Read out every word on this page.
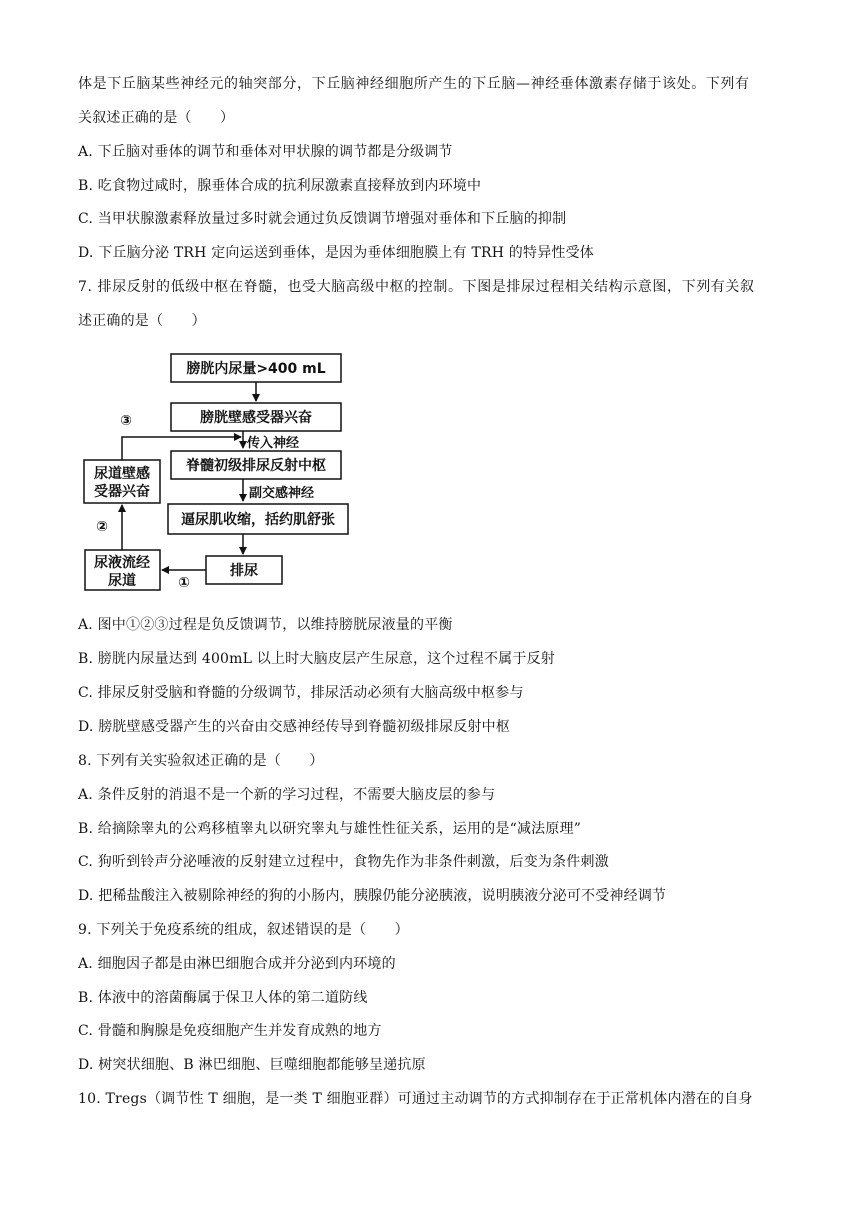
体是下丘脑某些神经元的轴突部分，下丘脑神经细胞所产生的下丘脑—神经垂体激素存储于该处。下列有
关叙述正确的是（　　）
A. 下丘脑对垂体的调节和垂体对甲状腺的调节都是分级调节
B. 吃食物过咸时，腺垂体合成的抗利尿激素直接释放到内环境中
C. 当甲状腺激素释放量过多时就会通过负反馈调节增强对垂体和下丘脑的抑制
D. 下丘脑分泌 TRH 定向运送到垂体，是因为垂体细胞膜上有 TRH 的特异性受体
7. 排尿反射的低级中枢在脊髓，也受大脑高级中枢的控制。下图是排尿过程相关结构示意图，下列有关叙
述正确的是（　　）
膀胱内尿量>400 mL
膀胱壁感受器兴奋
传入神经
脊髓初级排尿反射中枢
副交感神经
逼尿肌收缩，括约肌舒张
排尿
①
尿液流经
尿道
②
尿道壁感
受器兴奋
③
A. 图中①②③过程是负反馈调节，以维持膀胱尿液量的平衡
B. 膀胱内尿量达到 400mL 以上时大脑皮层产生尿意，这个过程不属于反射
C. 排尿反射受脑和脊髓的分级调节，排尿活动必须有大脑高级中枢参与
D. 膀胱壁感受器产生的兴奋由交感神经传导到脊髓初级排尿反射中枢
8. 下列有关实验叙述正确的是（　　）
A. 条件反射的消退不是一个新的学习过程，不需要大脑皮层的参与
B. 给摘除睾丸的公鸡移植睾丸以研究睾丸与雄性性征关系，运用的是“减法原理”
C. 狗听到铃声分泌唾液的反射建立过程中，食物先作为非条件刺激，后变为条件刺激
D. 把稀盐酸注入被剔除神经的狗的小肠内，胰腺仍能分泌胰液，说明胰液分泌可不受神经调节
9. 下列关于免疫系统的组成，叙述错误的是（　　）
A. 细胞因子都是由淋巴细胞合成并分泌到内环境的
B. 体液中的溶菌酶属于保卫人体的第二道防线
C. 骨髓和胸腺是免疫细胞产生并发育成熟的地方
D. 树突状细胞、B 淋巴细胞、巨噬细胞都能够呈递抗原
10. Tregs（调节性 T 细胞，是一类 T 细胞亚群）可通过主动调节的方式抑制存在于正常机体内潜在的自身
